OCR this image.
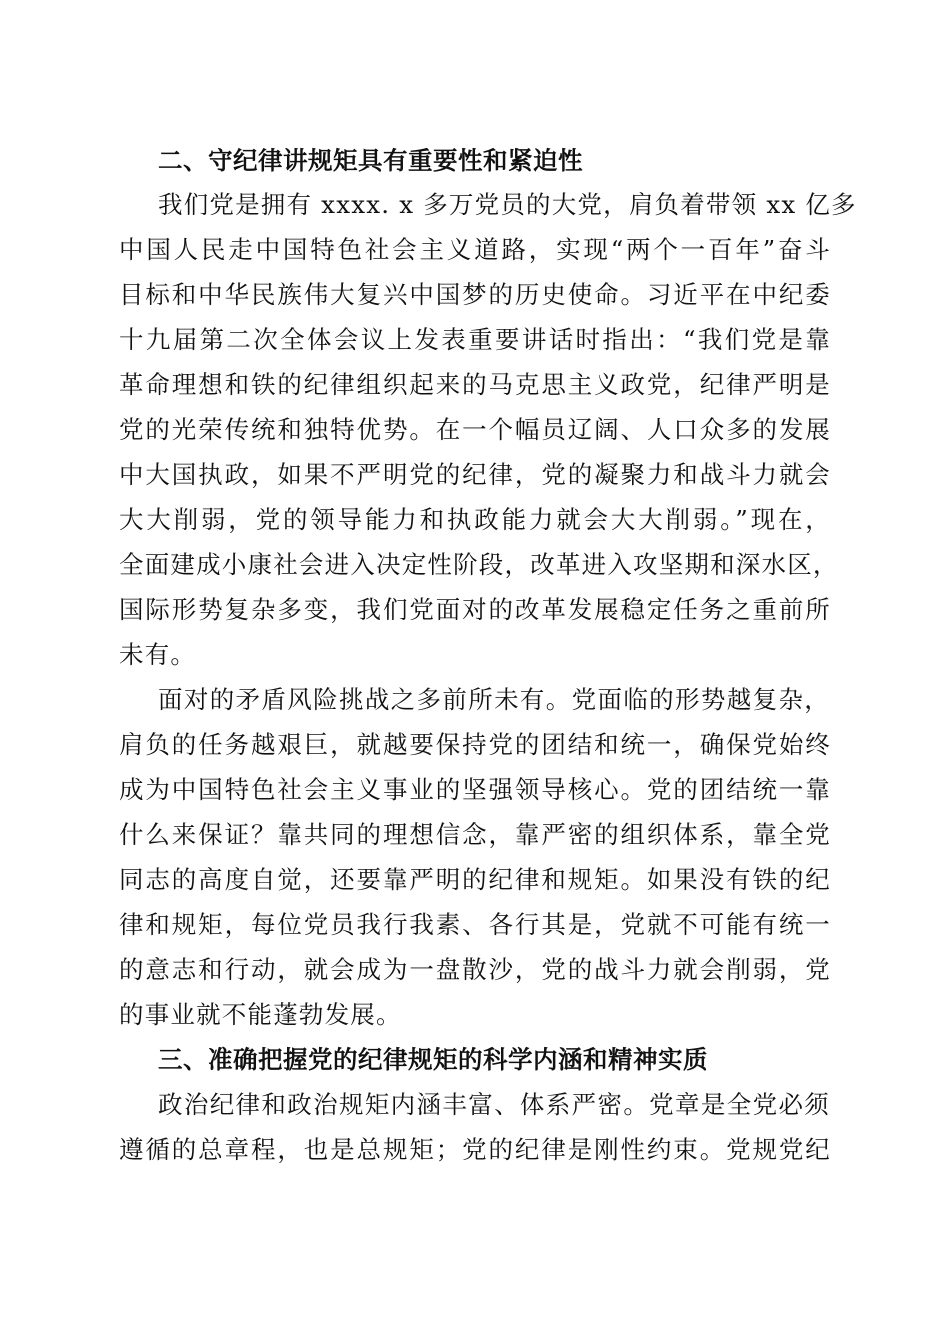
二、守纪律讲规矩具有重要性和紧迫性
我们党是拥有 xxxx. x 多万党员的大党，肩负着带领 xx 亿多
中国人民走中国特色社会主义道路，实现“两个一百年”奋斗
目标和中华民族伟大复兴中国梦的历史使命。习近平在中纪委
十九届第二次全体会议上发表重要讲话时指出：“我们党是靠
革命理想和铁的纪律组织起来的马克思主义政党，纪律严明是
党的光荣传统和独特优势。在一个幅员辽阔、人口众多的发展
中大国执政，如果不严明党的纪律，党的凝聚力和战斗力就会
大大削弱，党的领导能力和执政能力就会大大削弱。”现在，
全面建成小康社会进入决定性阶段，改革进入攻坚期和深水区，
国际形势复杂多变，我们党面对的改革发展稳定任务之重前所
未有。
面对的矛盾风险挑战之多前所未有。党面临的形势越复杂，
肩负的任务越艰巨，就越要保持党的团结和统一，确保党始终
成为中国特色社会主义事业的坚强领导核心。党的团结统一靠
什么来保证？靠共同的理想信念，靠严密的组织体系，靠全党
同志的高度自觉，还要靠严明的纪律和规矩。如果没有铁的纪
律和规矩，每位党员我行我素、各行其是，党就不可能有统一
的意志和行动，就会成为一盘散沙，党的战斗力就会削弱，党
的事业就不能蓬勃发展。
三、准确把握党的纪律规矩的科学内涵和精神实质
政治纪律和政治规矩内涵丰富、体系严密。党章是全党必须
遵循的总章程，也是总规矩；党的纪律是刚性约束。党规党纪
